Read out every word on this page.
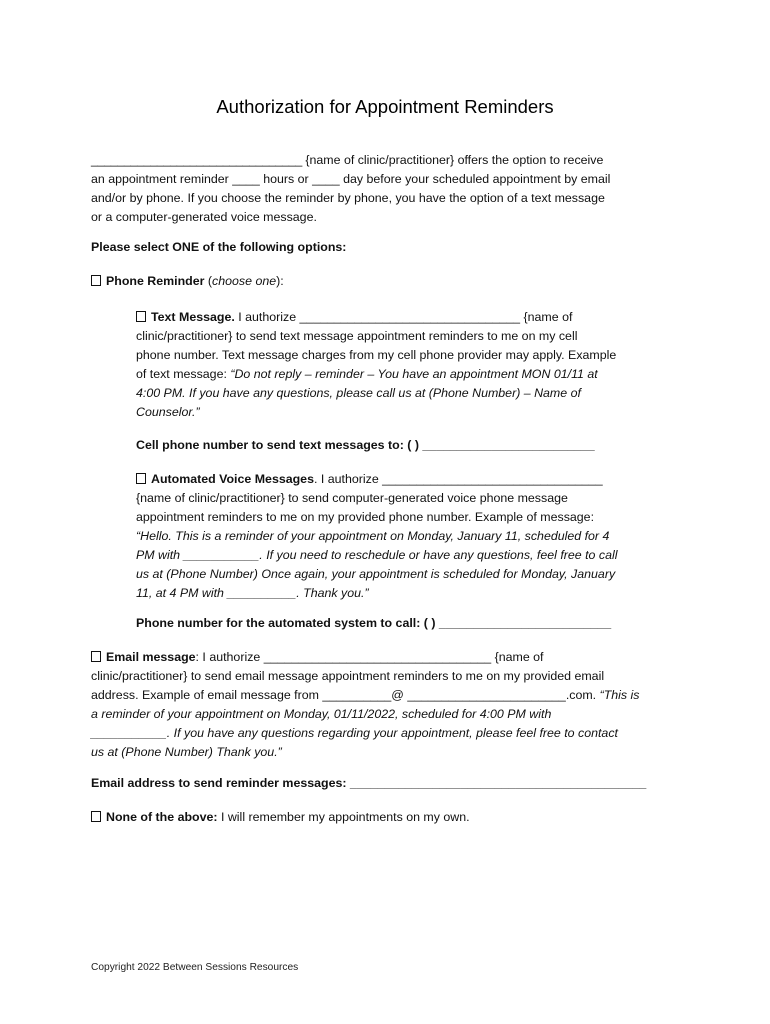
Authorization for Appointment Reminders
________________________________ {name of clinic/practitioner} offers the option to receive
an appointment reminder ____ hours or ____ day before your scheduled appointment by email
and/or by phone. If you choose the reminder by phone, you have the option of a text message
or a computer-generated voice message.
Please select ONE of the following options:
Phone Reminder (choose one):
Text Message. I authorize ________________________________ {name of
clinic/practitioner} to send text message appointment reminders to me on my cell
phone number. Text message charges from my cell phone provider may apply. Example
of text message: “Do not reply – reminder – You have an appointment MON 01/11 at
4:00 PM. If you have any questions, please call us at (Phone Number) – Name of
Counselor.”
Cell phone number to send text messages to: ( ) _________________________
Automated Voice Messages. I authorize ________________________________
{name of clinic/practitioner} to send computer-generated voice phone message
appointment reminders to me on my provided phone number. Example of message:
“Hello. This is a reminder of your appointment on Monday, January 11, scheduled for 4
PM with ___________. If you need to reschedule or have any questions, feel free to call
us at (Phone Number) Once again, your appointment is scheduled for Monday, January
11, at 4 PM with __________. Thank you.”
Phone number for the automated system to call: ( ) _________________________
Email message: I authorize _________________________________ {name of
clinic/practitioner} to send email message appointment reminders to me on my provided email
address. Example of email message from __________@ _______________________.com. “This is
a reminder of your appointment on Monday, 01/11/2022, scheduled for 4:00 PM with
___________. If you have any questions regarding your appointment, please feel free to contact
us at (Phone Number) Thank you.”
Email address to send reminder messages: ___________________________________________
None of the above: I will remember my appointments on my own.
Copyright 2022 Between Sessions Resources
